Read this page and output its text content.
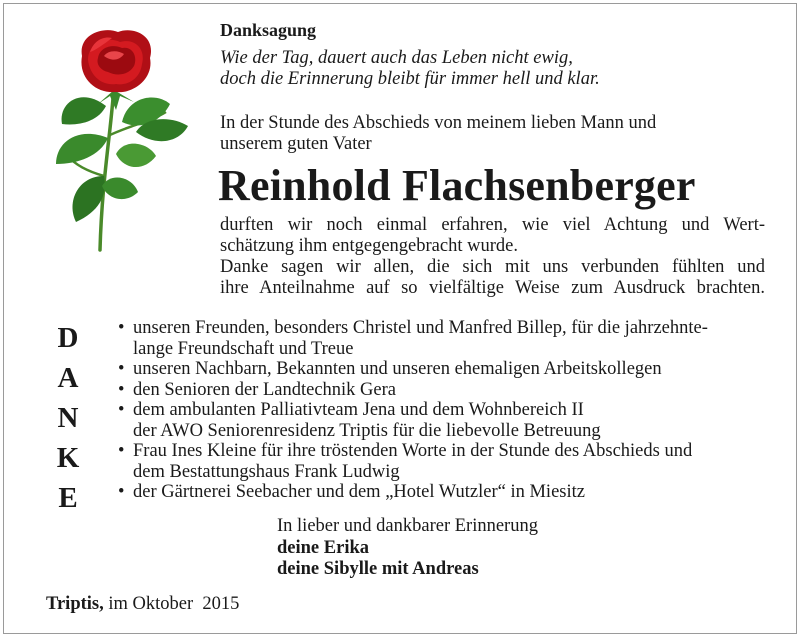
Danksagung
Wie der Tag, dauert auch das Leben nicht ewig,
doch die Erinnerung bleibt für immer hell und klar.
In der Stunde des Abschieds von meinem lieben Mann und
unserem guten Vater
Reinhold Flachsenberger
durften wir noch einmal erfahren, wie viel Achtung und Wert-
schätzung ihm entgegengebracht wurde.
Danke sagen wir allen, die sich mit uns verbunden fühlten und
ihre Anteilnahme auf so vielfältige Weise zum Ausdruck brachten.
D
A
N
K
E
• unseren Freunden, besonders Christel und Manfred Billep, für die jahrzehnte-
lange Freundschaft und Treue
• unseren Nachbarn, Bekannten und unseren ehemaligen Arbeitskollegen
• den Senioren der Landtechnik Gera
• dem ambulanten Palliativteam Jena und dem Wohnbereich II
der AWO Seniorenresidenz Triptis für die liebevolle Betreuung
• Frau Ines Kleine für ihre tröstenden Worte in der Stunde des Abschieds und
dem Bestattungshaus Frank Ludwig
• der Gärtnerei Seebacher und dem „Hotel Wutzler“ in Miesitz
In lieber und dankbarer Erinnerung
deine Erika
deine Sibylle mit Andreas
Triptis, im Oktober  2015
